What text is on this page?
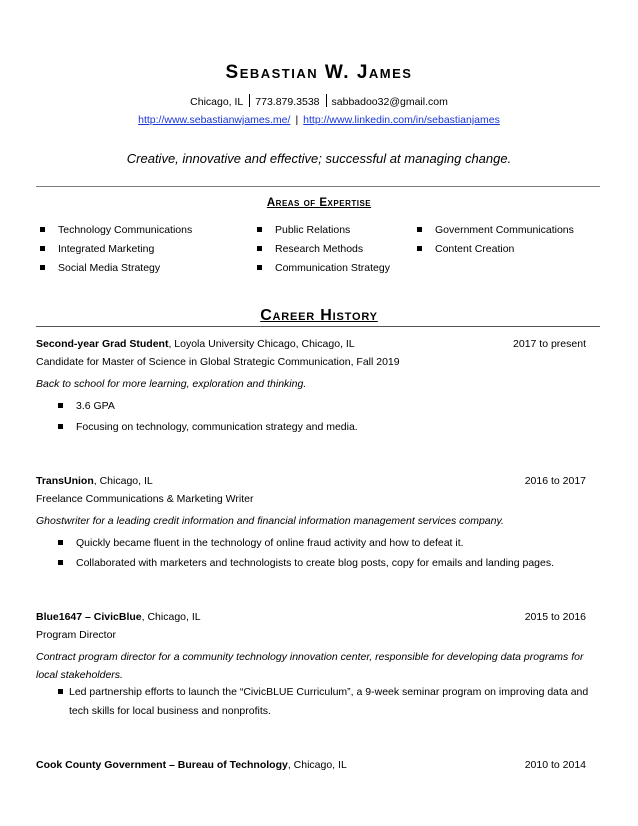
Sebastian W. James
Chicago, IL 773.879.3538 sabbadoo32@gmail.com
http://www.sebastianwjames.me/ | http://www.linkedin.com/in/sebastianjames
Creative, innovative and effective; successful at managing change.
Areas of Expertise
Technology Communications
Integrated Marketing
Social Media Strategy
Public Relations
Research Methods
Communication Strategy
Government Communications
Content Creation
Career History
Second-year Grad Student, Loyola University Chicago, Chicago, IL	2017 to present
Candidate for Master of Science in Global Strategic Communication, Fall 2019
Back to school for more learning, exploration and thinking.
3.6 GPA
Focusing on technology, communication strategy and media.
TransUnion, Chicago, IL	2016 to 2017
Freelance Communications & Marketing Writer
Ghostwriter for a leading credit information and financial information management services company.
Quickly became fluent in the technology of online fraud activity and how to defeat it.
Collaborated with marketers and technologists to create blog posts, copy for emails and landing pages.
Blue1647 – CivicBlue, Chicago, IL	2015 to 2016
Program Director
Contract program director for a community technology innovation center, responsible for developing data programs for
local stakeholders.
Led partnership efforts to launch the “CivicBLUE Curriculum”, a 9-week seminar program on improving data and
tech skills for local business and nonprofits.
Cook County Government – Bureau of Technology, Chicago, IL	2010 to 2014
